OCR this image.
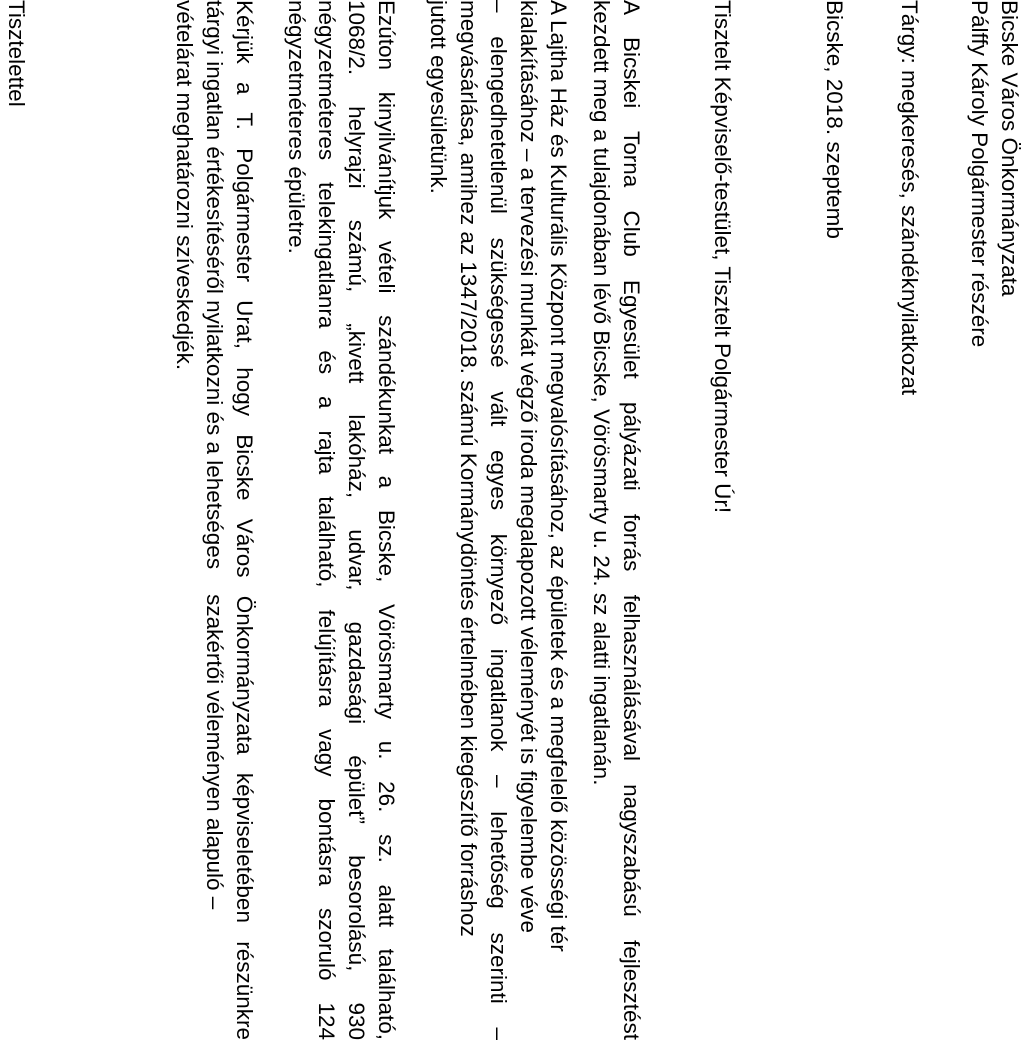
Bicske Város Önkormányzata
Pálffy Károly Polgármester részére
Tárgy: megkeresés, szándéknyilatkozat
Bicske, 2018. szeptemb
Tisztelt Képviselő-testület, Tisztelt Polgármester Úr!
A Bicskei Torna Club Egyesület pályázati forrás felhasználásával nagyszabású fejlesztést
kezdett meg a tulajdonában lévő Bicske, Vörösmarty u. 24. sz alatti ingatlanán.
A Lajtha Ház és Kulturális Központ megvalósításához, az épületek és a megfelelő közösségi tér
kialakításához – a tervezési munkát végző iroda megalapozott véleményét is figyelembe véve
– elengedhetetlenül szükségessé vált egyes környező ingatlanok – lehetőség szerinti –
megvásárlása, amihez az 1347/2018. számú Kormánydöntés értelmében kiegészítő forráshoz
jutott egyesületünk.
Ezúton kinyilvánítjuk vételi szándékunkat a Bicske, Vörösmarty u. 26. sz. alatt található,
1068/2. helyrajzi számú, „kivett lakóház, udvar, gazdasági épület” besorolású, 930
négyzetméteres telekingatlanra és a rajta található, felújításra vagy bontásra szoruló 124
négyzetméteres épületre.
Kérjük a T. Polgármester Urat, hogy Bicske Város Önkormányzata képviseletében részünkre
tárgyi ingatlan értékesítéséről nyilatkozni és a lehetséges    szakértői véleményen alapuló –
vételárat meghatározni szíveskedjék.
Tisztelettel
